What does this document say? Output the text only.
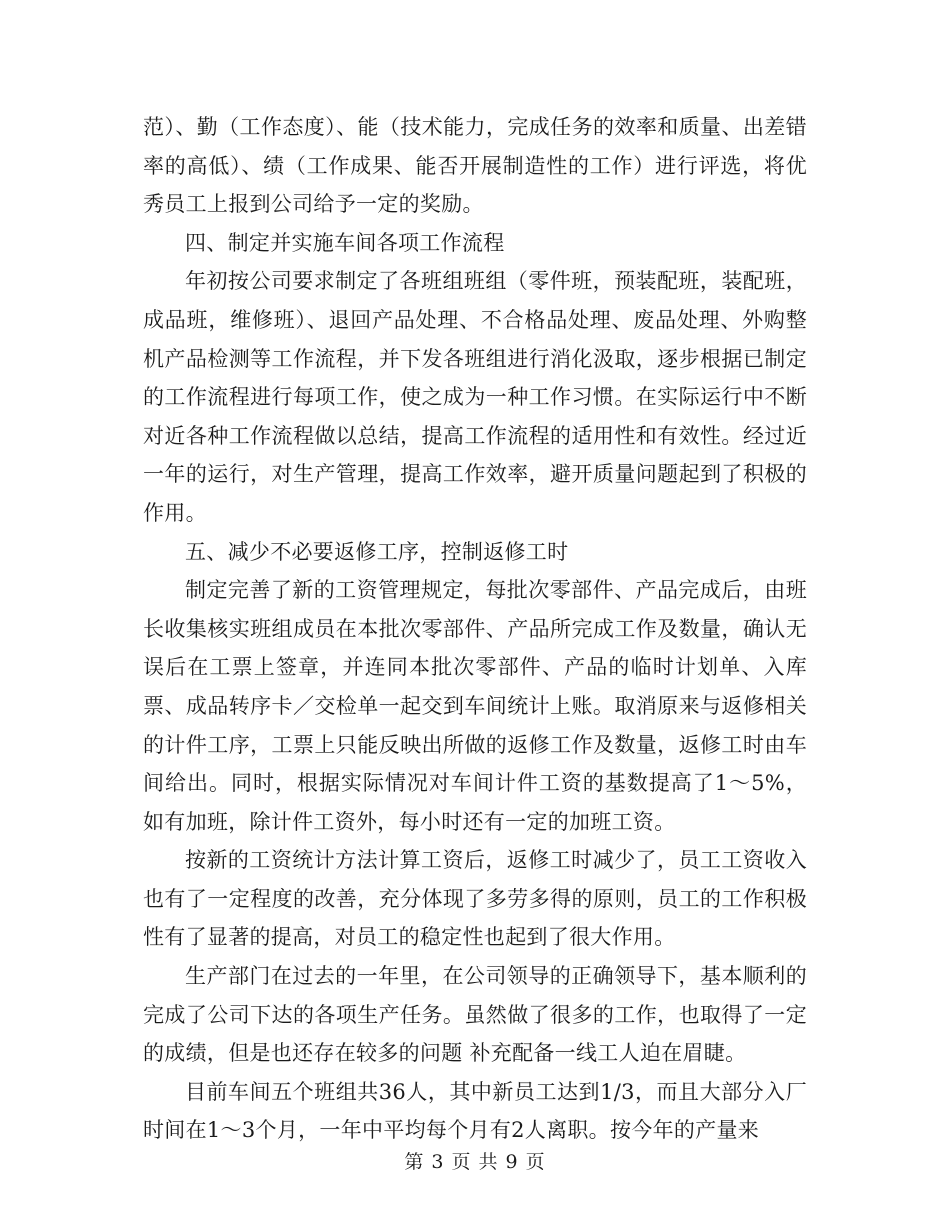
范）、勤（工作态度）、能（技术能力，完成任务的效率和质量、出差错率的高低）、绩（工作成果、能否开展制造性的工作）进行评选，将优秀员工上报到公司给予一定的奖励。

四、制定并实施车间各项工作流程

年初按公司要求制定了各班组班组（零件班，预装配班，装配班，成品班，维修班）、退回产品处理、不合格品处理、废品处理、外购整机产品检测等工作流程，并下发各班组进行消化汲取，逐步根据已制定的工作流程进行每项工作，使之成为一种工作习惯。在实际运行中不断对近各种工作流程做以总结，提高工作流程的适用性和有效性。经过近一年的运行，对生产管理，提高工作效率，避开质量问题起到了积极的作用。

五、减少不必要返修工序，控制返修工时

制定完善了新的工资管理规定，每批次零部件、产品完成后，由班长收集核实班组成员在本批次零部件、产品所完成工作及数量，确认无误后在工票上签章，并连同本批次零部件、产品的临时计划单、入库票、成品转序卡／交检单一起交到车间统计上账。取消原来与返修相关的计件工序，工票上只能反映出所做的返修工作及数量，返修工时由车间给出。同时，根据实际情况对车间计件工资的基数提高了1～5%，如有加班，除计件工资外，每小时还有一定的加班工资。

按新的工资统计方法计算工资后，返修工时减少了，员工工资收入也有了一定程度的改善，充分体现了多劳多得的原则，员工的工作积极性有了显著的提高，对员工的稳定性也起到了很大作用。

生产部门在过去的一年里，在公司领导的正确领导下，基本顺利的完成了公司下达的各项生产任务。虽然做了很多的工作，也取得了一定的成绩，但是也还存在较多的问题 补充配备一线工人迫在眉睫。

目前车间五个班组共36人，其中新员工达到1/3，而且大部分入厂时间在1～3个月，一年中平均每个月有2人离职。按今年的产量来

第 3 页 共 9 页
